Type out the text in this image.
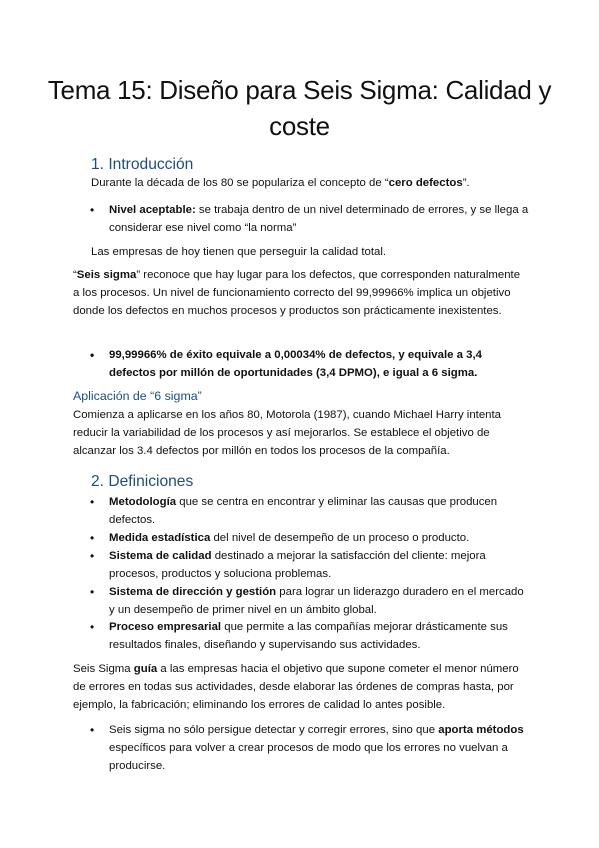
Tema 15: Diseño para Seis Sigma: Calidad y coste
1. Introducción

Durante la década de los 80 se populariza el concepto de “cero defectos”.

• Nivel aceptable: se trabaja dentro de un nivel determinado de errores, y se llega a considerar ese nivel como “la norma”

Las empresas de hoy tienen que perseguir la calidad total.

“Seis sigma” reconoce que hay lugar para los defectos, que corresponden naturalmente a los procesos. Un nivel de funcionamiento correcto del 99,99966% implica un objetivo donde los defectos en muchos procesos y productos son prácticamente inexistentes.

• 99,99966% de éxito equivale a 0,00034% de defectos, y equivale a 3,4 defectos por millón de oportunidades (3,4 DPMO), e igual a 6 sigma.
Aplicación de “6 sigma”

Comienza a aplicarse en los años 80, Motorola (1987), cuando Michael Harry intenta reducir la variabilidad de los procesos y así mejorarlos. Se establece el objetivo de alcanzar los 3.4 defectos por millón en todos los procesos de la compañía.

2. Definiciones
• Metodología que se centra en encontrar y eliminar las causas que producen defectos.
• Medida estadística del nivel de desempeño de un proceso o producto.
• Sistema de calidad destinado a mejorar la satisfacción del cliente: mejora procesos, productos y soluciona problemas.
• Sistema de dirección y gestión para lograr un liderazgo duradero en el mercado y un desempeño de primer nivel en un ámbito global.
• Proceso empresarial que permite a las compañías mejorar drásticamente sus resultados finales, diseñando y supervisando sus actividades.

Seis Sigma guía a las empresas hacia el objetivo que supone cometer el menor número de errores en todas sus actividades, desde elaborar las órdenes de compras hasta, por ejemplo, la fabricación; eliminando los errores de calidad lo antes posible.

• Seis sigma no sólo persigue detectar y corregir errores, sino que aporta métodos específicos para volver a crear procesos de modo que los errores no vuelvan a producirse.
